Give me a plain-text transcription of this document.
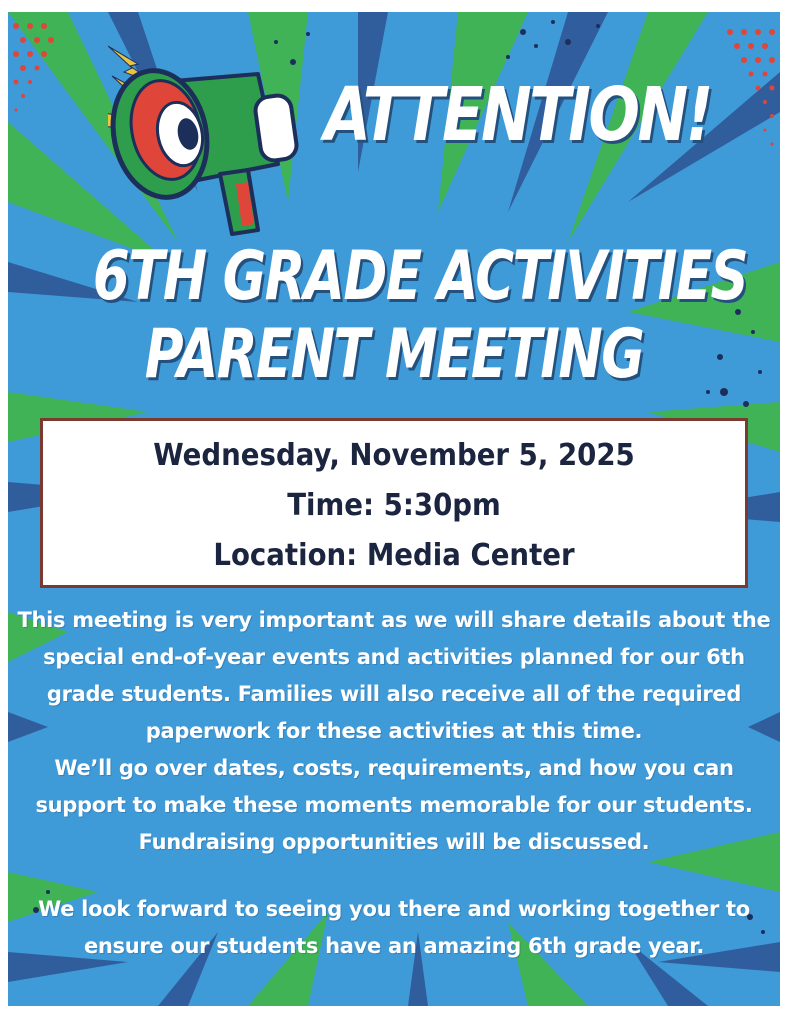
ATTENTION!
6TH GRADE ACTIVITIES
PARENT MEETING
Wednesday, November 5, 2025
Time: 5:30pm
Location: Media Center

This meeting is very important as we will share details about the special end-of-year events and activities planned for our 6th grade students. Families will also receive all of the required paperwork for these activities at this time.

We’ll go over dates, costs, requirements, and how you can support to make these moments memorable for our students. Fundraising opportunities will be discussed.

We look forward to seeing you there and working together to ensure our students have an amazing 6th grade year.
